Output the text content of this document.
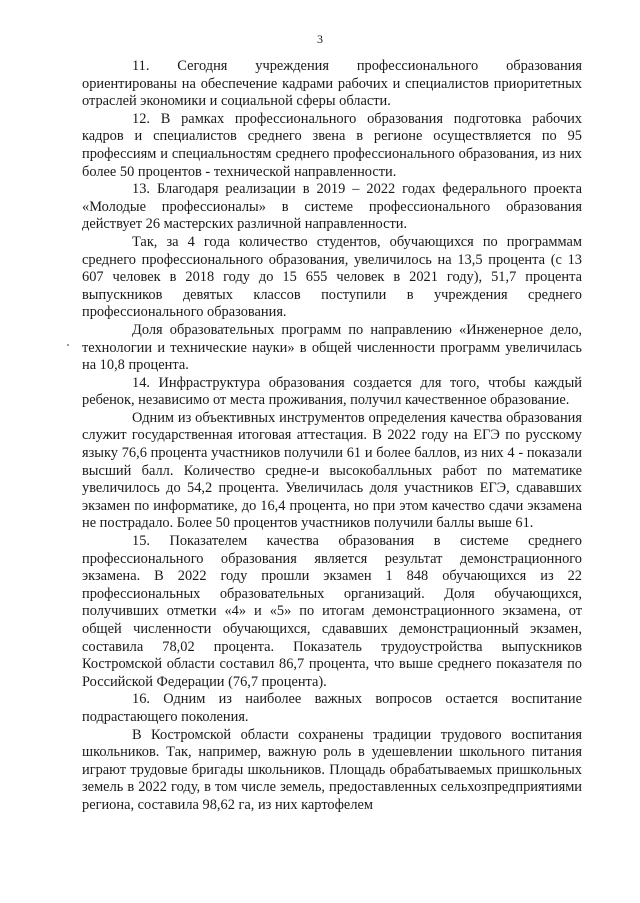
3

11. Сегодня учреждения профессионального образования ориентированы на обеспечение кадрами рабочих и специалистов приоритетных отраслей экономики и социальной сферы области.

12. В рамках профессионального образования подготовка рабочих кадров и специалистов среднего звена в регионе осуществляется по 95 профессиям и специальностям среднего профессионального образования, из них более 50 процентов - технической направленности.

13. Благодаря реализации в 2019 – 2022 годах федерального проекта «Молодые профессионалы» в системе профессионального образования действует 26 мастерских различной направленности.

Так, за 4 года количество студентов, обучающихся по программам среднего профессионального образования, увеличилось на 13,5 процента (с 13 607 человек в 2018 году до 15 655 человек в 2021 году), 51,7 процента выпускников девятых классов поступили в учреждения среднего профессионального образования.

Доля образовательных программ по направлению «Инженерное дело, технологии и технические науки» в общей численности программ увеличилась на 10,8 процента.

14. Инфраструктура образования создается для того, чтобы каждый ребенок, независимо от места проживания, получил качественное образование.

Одним из объективных инструментов определения качества образования служит государственная итоговая аттестация. В 2022 году на ЕГЭ по русскому языку 76,6 процента участников получили 61 и более баллов, из них 4 - показали высший балл. Количество средне-и высокобалльных работ по математике увеличилось до 54,2 процента. Увеличилась доля участников ЕГЭ, сдававших экзамен по информатике, до 16,4 процента, но при этом качество сдачи экзамена не пострадало. Более 50 процентов участников получили баллы выше 61.

15. Показателем качества образования в системе среднего профессионального образования является результат демонстрационного экзамена. В 2022 году прошли экзамен 1 848 обучающихся из 22 профессиональных образовательных организаций. Доля обучающихся, получивших отметки «4» и «5» по итогам демонстрационного экзамена, от общей численности обучающихся, сдававших демонстрационный экзамен, составила 78,02 процента. Показатель трудоустройства выпускников Костромской области составил 86,7 процента, что выше среднего показателя по Российской Федерации (76,7 процента).

16. Одним из наиболее важных вопросов остается воспитание подрастающего поколения.

В Костромской области сохранены традиции трудового воспитания школьников. Так, например, важную роль в удешевлении школьного питания играют трудовые бригады школьников. Площадь обрабатываемых пришкольных земель в 2022 году, в том числе земель, предоставленных сельхозпредприятиями региона, составила 98,62 га, из них картофелем
